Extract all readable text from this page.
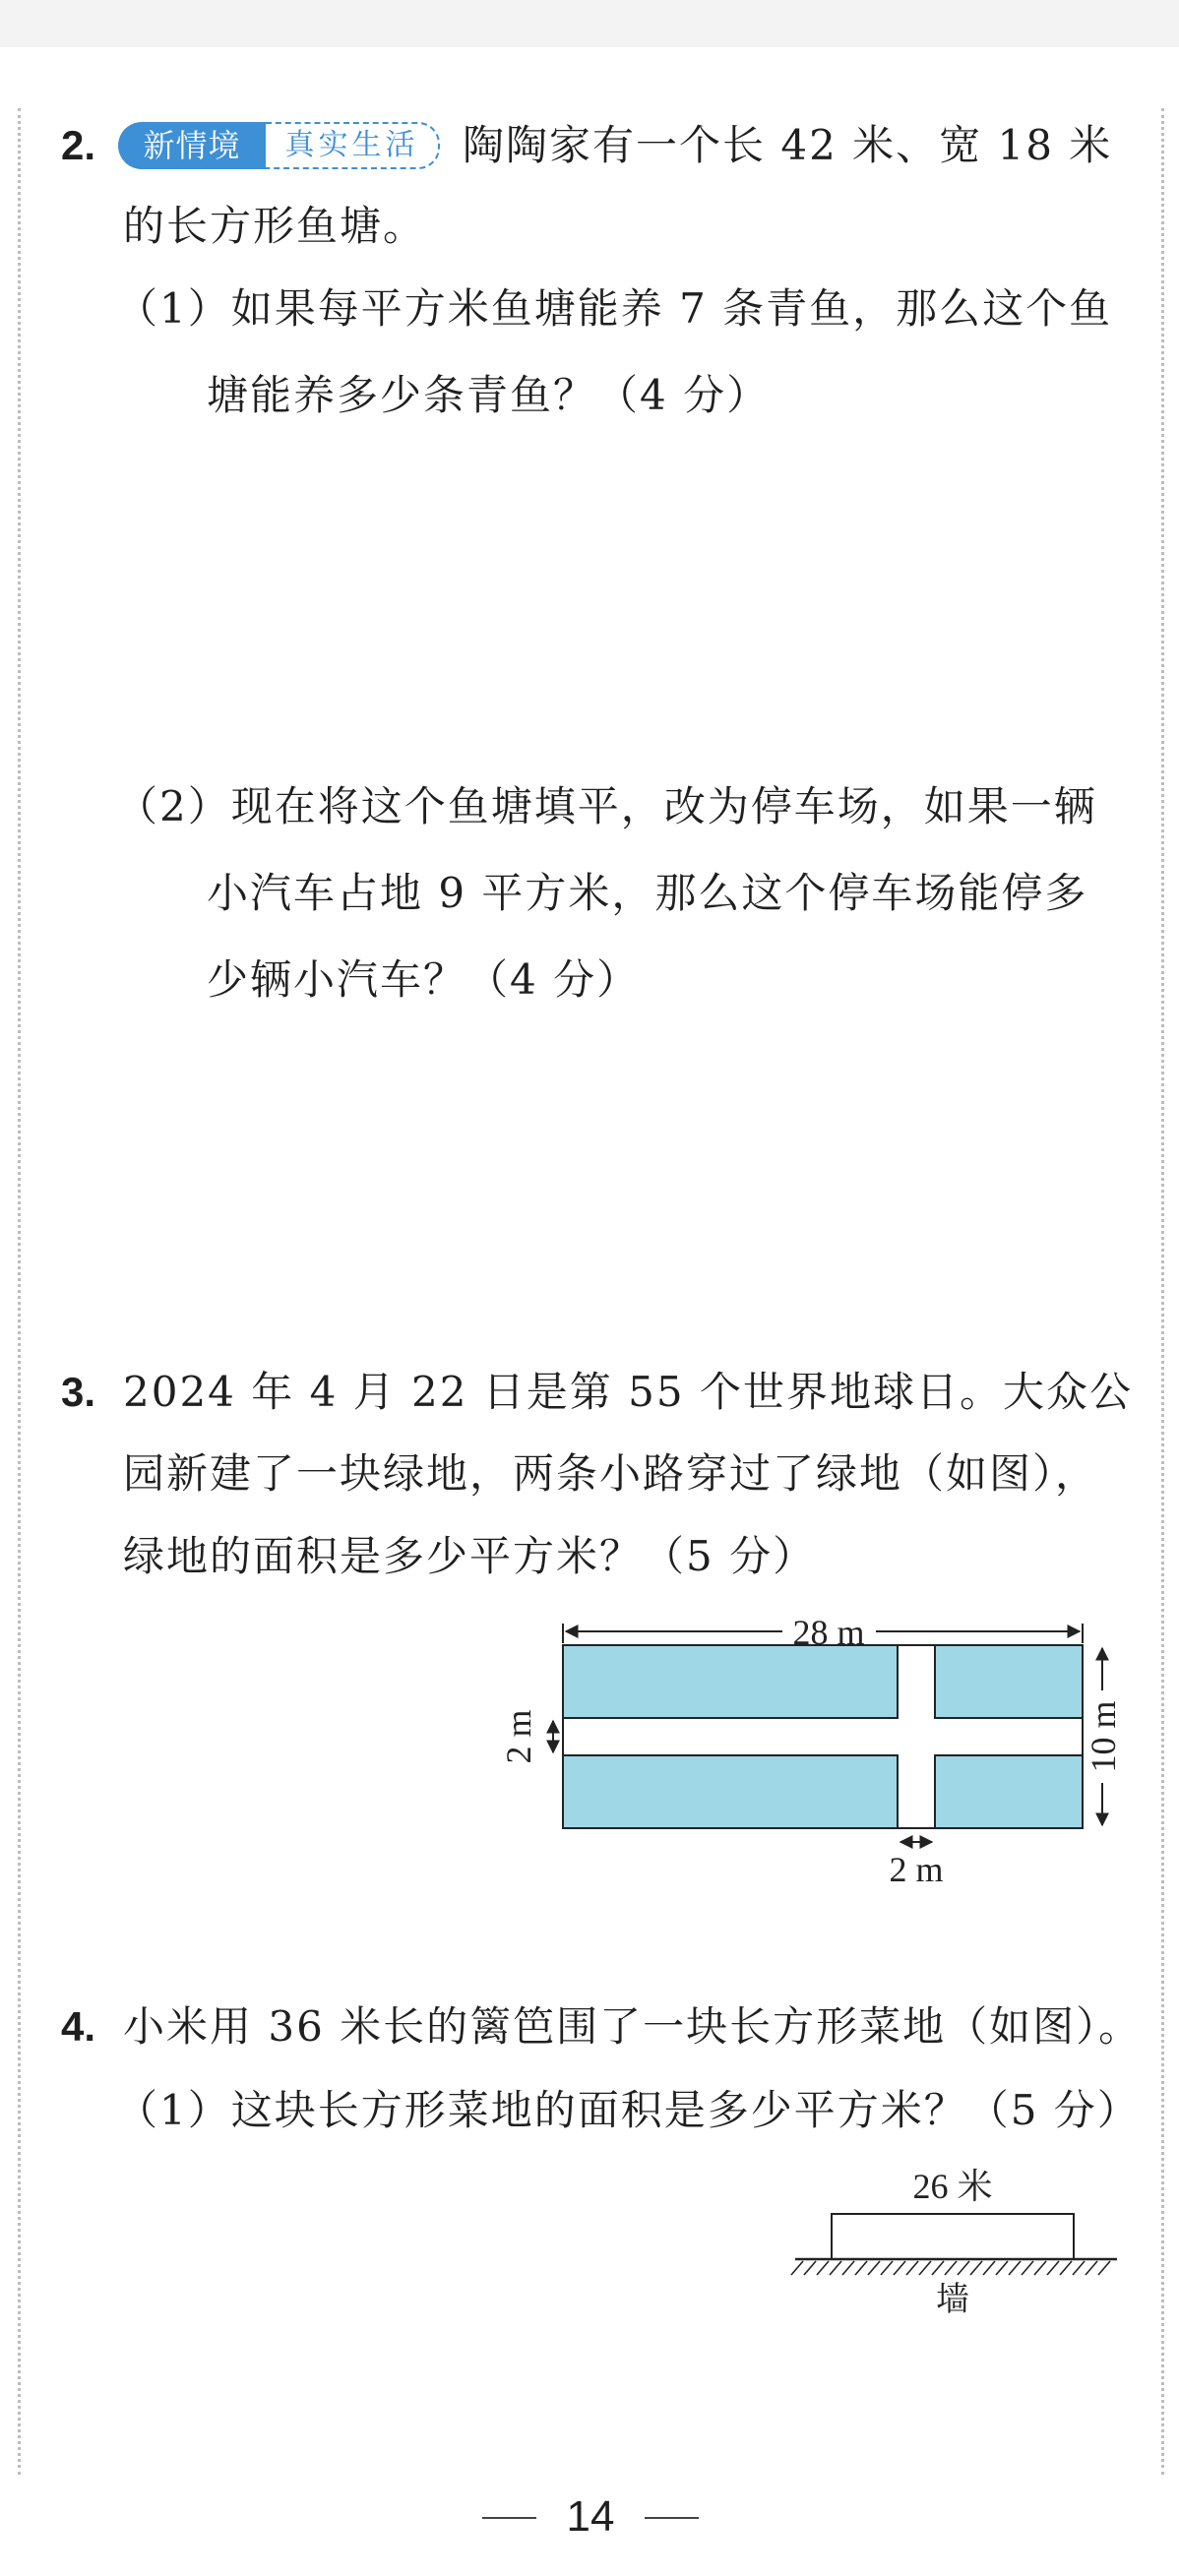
2.	新情境	真实生活	陶陶家有一个长 42 米、宽 18 米
的长方形鱼塘。
（1）如果每平方米鱼塘能养 7 条青鱼，那么这个鱼
塘能养多少条青鱼？（4 分）
（2）现在将这个鱼塘填平，改为停车场，如果一辆
小汽车占地 9 平方米，那么这个停车场能停多
少辆小汽车？（4 分）
3. 2024 年 4 月 22 日是第 55 个世界地球日。大众公
园新建了一块绿地，两条小路穿过了绿地（如图），
绿地的面积是多少平方米？（5 分）
28 m
10 m
2 m
2 m
4. 小米用 36 米长的篱笆围了一块长方形菜地（如图）。
（1）这块长方形菜地的面积是多少平方米？（5 分）
26 米
墙
14
